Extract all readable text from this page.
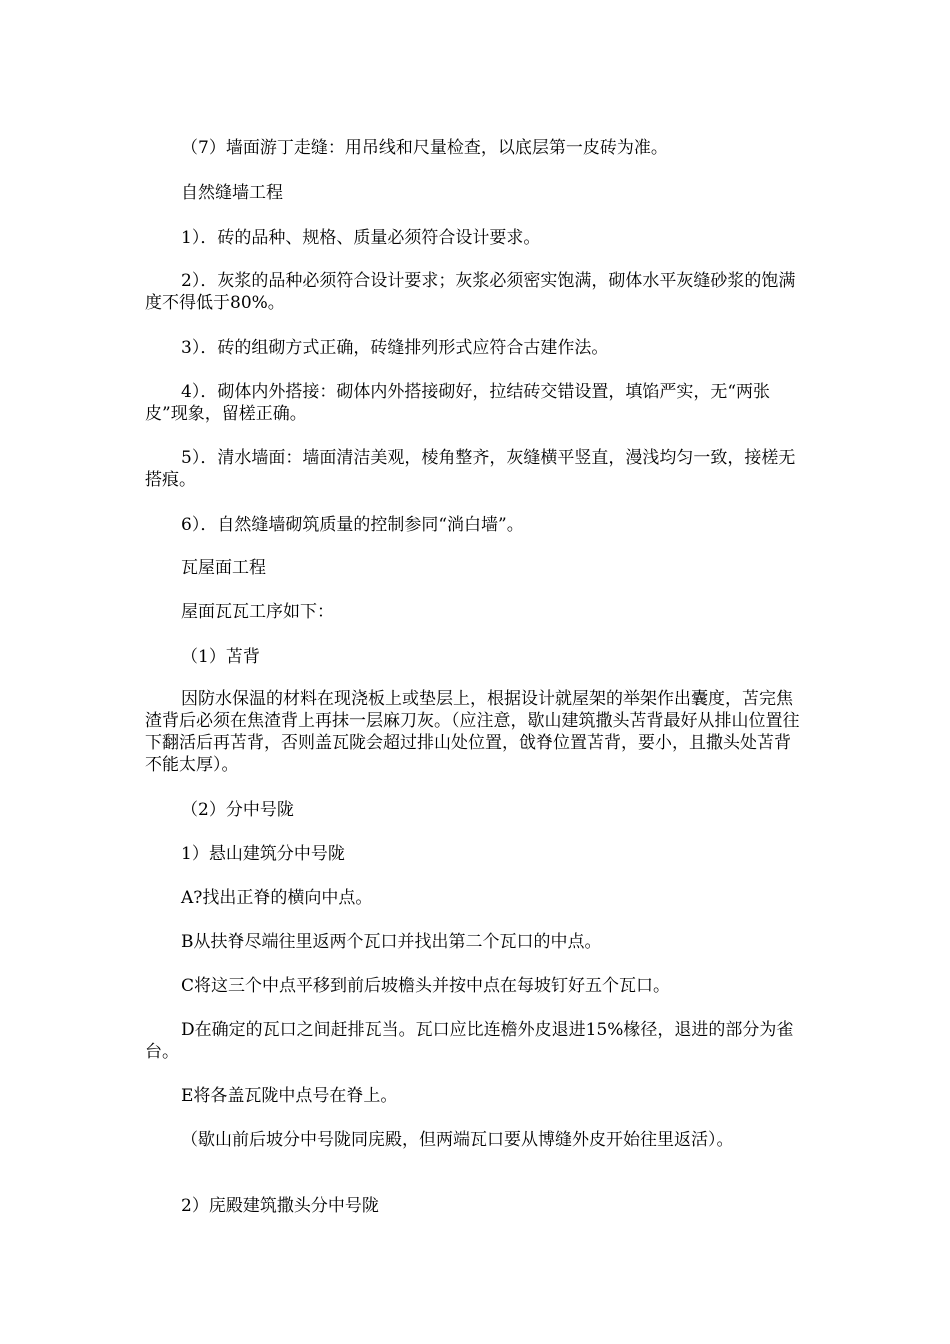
（7）墙面游丁走缝：用吊线和尺量检查，以底层第一皮砖为准。

自然缝墙工程

1）．砖的品种、规格、质量必须符合设计要求。

2）．灰浆的品种必须符合设计要求；灰浆必须密实饱满，砌体水平灰缝砂浆的饱满度不得低于80%。

3）．砖的组砌方式正确，砖缝排列形式应符合古建作法。

4）．砌体内外搭接：砌体内外搭接砌好，拉结砖交错设置，填馅严实，无“两张皮”现象，留槎正确。

5）．清水墙面：墙面清洁美观，棱角整齐，灰缝横平竖直，漫浅均匀一致，接槎无搭痕。

6）．自然缝墙砌筑质量的控制参同“淌白墙”。

瓦屋面工程

屋面瓦瓦工序如下：

（1）苫背

因防水保温的材料在现浇板上或垫层上，根据设计就屋架的举架作出囊度，苫完焦渣背后必须在焦渣背上再抹一层麻刀灰。（应注意，歇山建筑撒头苫背最好从排山位置往下翻活后再苫背，否则盖瓦陇会超过排山处位置，戗脊位置苫背，要小，且撒头处苫背不能太厚）。

（2）分中号陇

1）悬山建筑分中号陇

A?找出正脊的横向中点。

B从扶脊尽端往里返两个瓦口并找出第二个瓦口的中点。

C将这三个中点平移到前后坡檐头并按中点在每坡钉好五个瓦口。

D在确定的瓦口之间赶排瓦当。瓦口应比连檐外皮退进15%椽径，退进的部分为雀台。

E将各盖瓦陇中点号在脊上。

（歇山前后坡分中号陇同庑殿，但两端瓦口要从博缝外皮开始往里返活）。

2）庑殿建筑撒头分中号陇
